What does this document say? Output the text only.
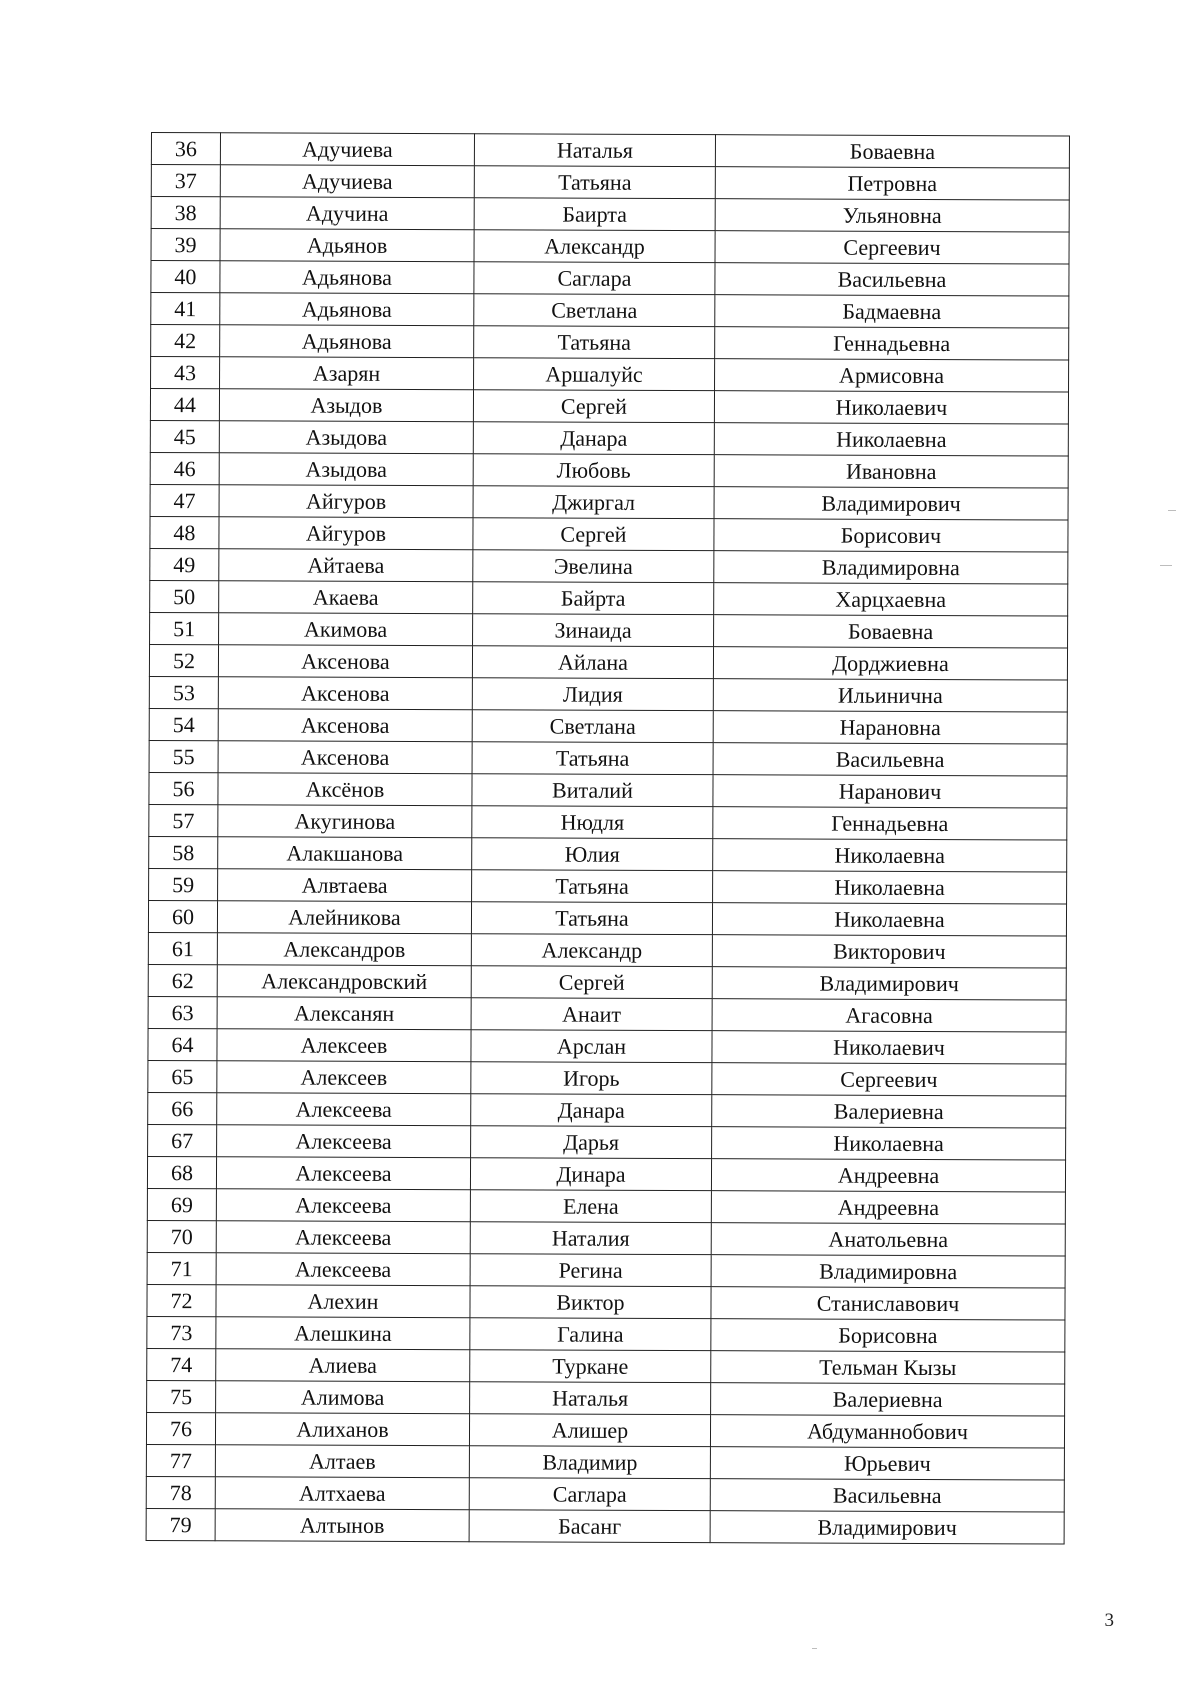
36	Адучиева	Наталья	Боваевна
37	Адучиева	Татьяна	Петровна
38	Адучина	Баирта	Ульяновна
39	Адьянов	Александр	Сергеевич
40	Адьянова	Саглара	Васильевна
41	Адьянова	Светлана	Бадмаевна
42	Адьянова	Татьяна	Геннадьевна
43	Азарян	Аршалуйс	Армисовна
44	Азыдов	Сергей	Николаевич
45	Азыдова	Данара	Николаевна
46	Азыдова	Любовь	Ивановна
47	Айгуров	Джиргал	Владимирович
48	Айгуров	Сергей	Борисович
49	Айтаева	Эвелина	Владимировна
50	Акаева	Байрта	Харцхаевна
51	Акимова	Зинаида	Боваевна
52	Аксенова	Айлана	Дорджиевна
53	Аксенова	Лидия	Ильинична
54	Аксенова	Светлана	Нарановна
55	Аксенова	Татьяна	Васильевна
56	Аксёнов	Виталий	Наранович
57	Акугинова	Нюдля	Геннадьевна
58	Алакшанова	Юлия	Николаевна
59	Алвтаева	Татьяна	Николаевна
60	Алейникова	Татьяна	Николаевна
61	Александров	Александр	Викторович
62	Александровский	Сергей	Владимирович
63	Алексанян	Анаит	Агасовна
64	Алексеев	Арслан	Николаевич
65	Алексеев	Игорь	Сергеевич
66	Алексеева	Данара	Валериевна
67	Алексеева	Дарья	Николаевна
68	Алексеева	Динара	Андреевна
69	Алексеева	Елена	Андреевна
70	Алексеева	Наталия	Анатольевна
71	Алексеева	Регина	Владимировна
72	Алехин	Виктор	Станиславович
73	Алешкина	Галина	Борисовна
74	Алиева	Туркане	Тельман Кызы
75	Алимова	Наталья	Валериевна
76	Алиханов	Алишер	Абдуманнобович
77	Алтаев	Владимир	Юрьевич
78	Алтхаева	Саглара	Васильевна
79	Алтынов	Басанг	Владимирович
3
